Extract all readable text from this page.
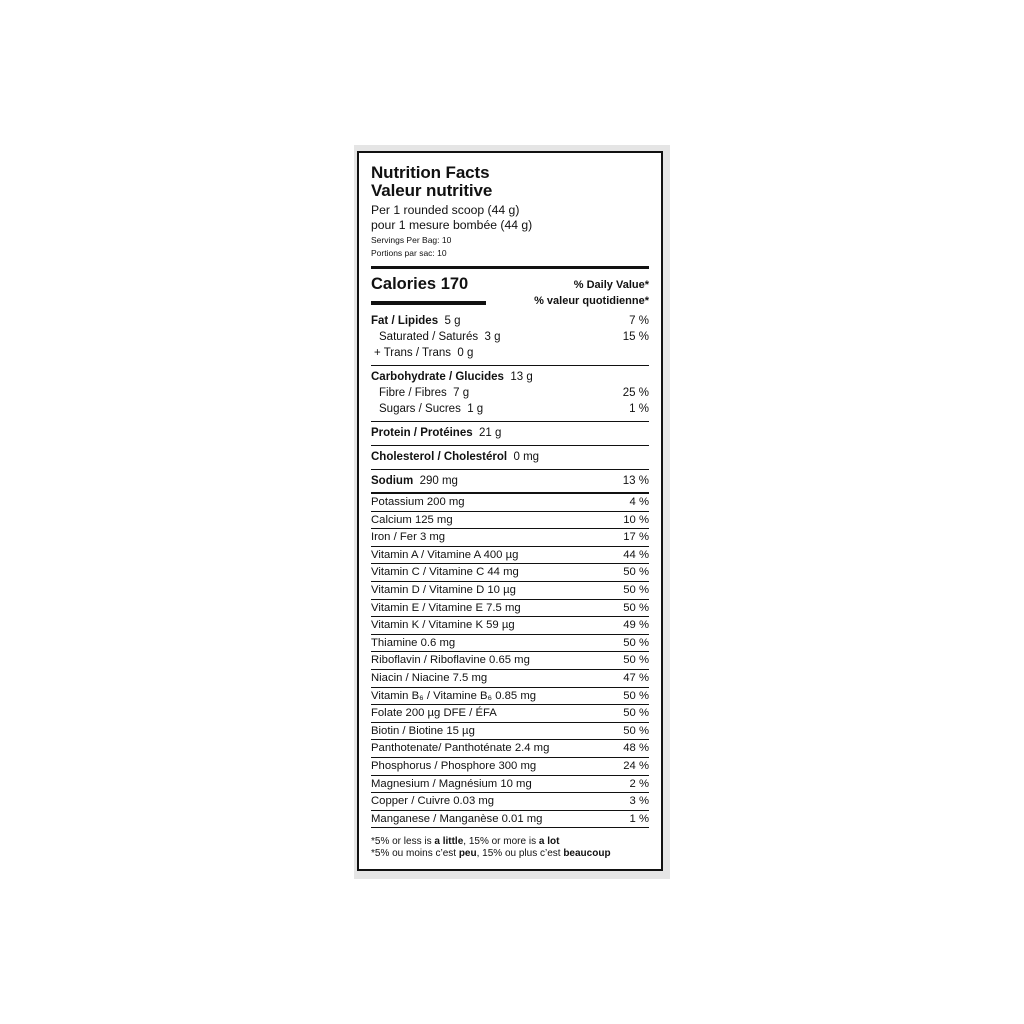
Nutrition Facts
Valeur nutritive
Per 1 rounded scoop (44 g)
pour 1 mesure bombée (44 g)
Servings Per Bag: 10
Portions par sac: 10
Calories 170	% Daily Value*
% valeur quotidienne*
Fat / Lipides 5 g	7 %
Saturated / Saturés 3 g	15 %
+ Trans / Trans 0 g
Carbohydrate / Glucides 13 g
Fibre / Fibres 7 g	25 %
Sugars / Sucres 1 g	1 %
Protein / Protéines 21 g
Cholesterol / Cholestérol 0 mg
Sodium 290 mg	13 %
Potassium 200 mg	4 %
Calcium 125 mg	10 %
Iron / Fer 3 mg	17 %
Vitamin A / Vitamine A 400 µg	44 %
Vitamin C / Vitamine C 44 mg	50 %
Vitamin D / Vitamine D 10 µg	50 %
Vitamin E / Vitamine E 7.5 mg	50 %
Vitamin K / Vitamine K 59 µg	49 %
Thiamine 0.6 mg	50 %
Riboflavin / Riboflavine 0.65 mg	50 %
Niacin / Niacine 7.5 mg	47 %
Vitamin B₆ / Vitamine B₆ 0.85 mg	50 %
Folate 200 µg DFE / ÉFA	50 %
Biotin / Biotine 15 µg	50 %
Panthotenate/ Panthoténate 2.4 mg	48 %
Phosphorus / Phosphore 300 mg	24 %
Magnesium / Magnésium 10 mg	2 %
Copper / Cuivre 0.03 mg	3 %
Manganese / Manganèse 0.01 mg	1 %
*5% or less is a little, 15% or more is a lot
*5% ou moins c’est peu, 15% ou plus c’est beaucoup
